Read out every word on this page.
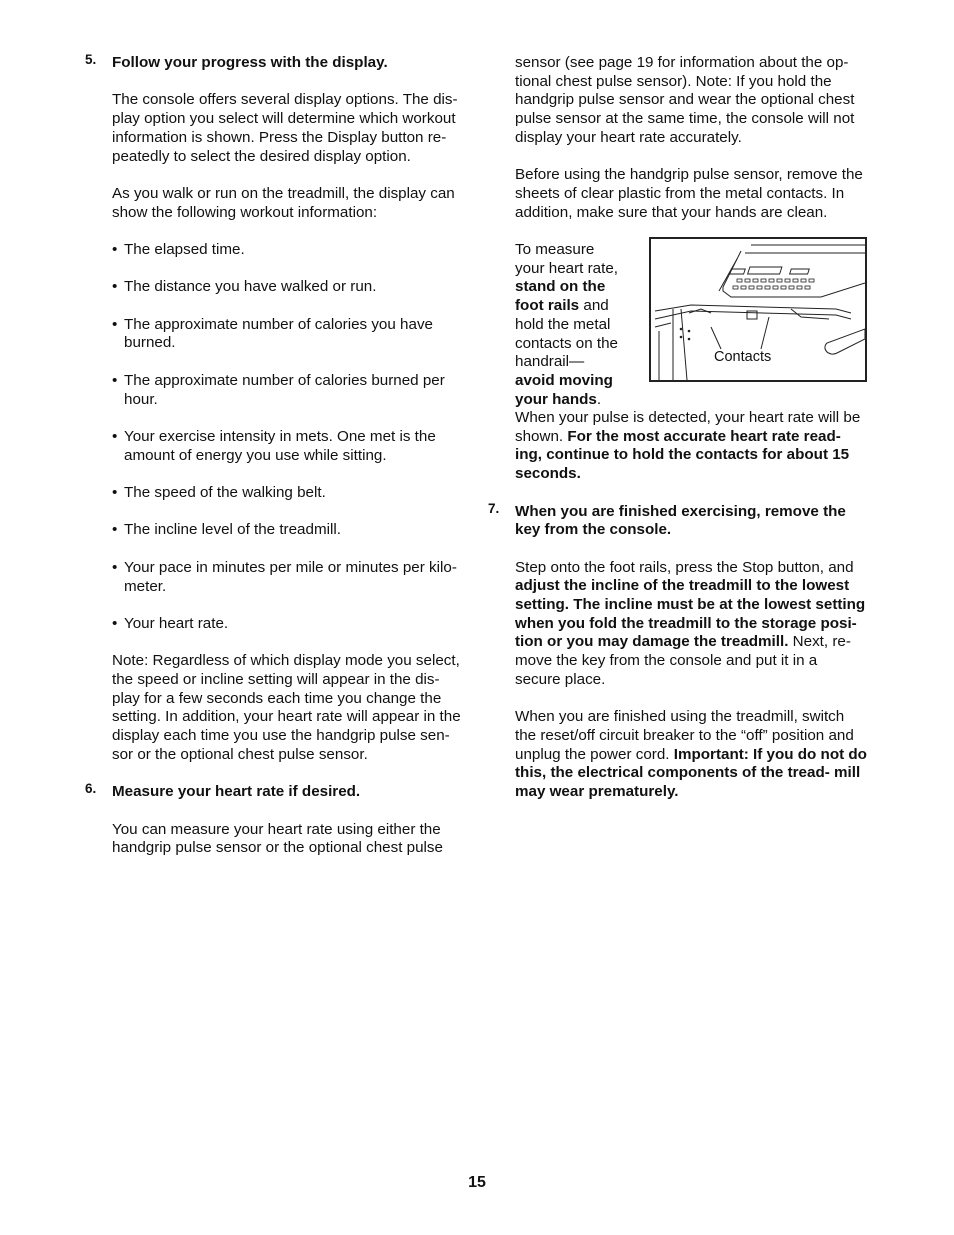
5. Follow your progress with the display.

The console offers several display options. The dis- play option you select will determine which workout information is shown. Press the Display button re- peatedly to select the desired display option.

As you walk or run on the treadmill, the display can show the following workout information:

• The elapsed time.
• The distance you have walked or run.
• The approximate number of calories you have burned.
• The approximate number of calories burned per hour.
• Your exercise intensity in mets. One met is the amount of energy you use while sitting.
• The speed of the walking belt.
• The incline level of the treadmill.
• Your pace in minutes per mile or minutes per kilo- meter.
• Your heart rate.

Note: Regardless of which display mode you select, the speed or incline setting will appear in the dis- play for a few seconds each time you change the setting. In addition, your heart rate will appear in the display each time you use the handgrip pulse sen- sor or the optional chest pulse sensor.

6. Measure your heart rate if desired.

You can measure your heart rate using either the handgrip pulse sensor or the optional chest pulse

sensor (see page 19 for information about the op- tional chest pulse sensor). Note: If you hold the handgrip pulse sensor and wear the optional chest pulse sensor at the same time, the console will not display your heart rate accurately.

Before using the handgrip pulse sensor, remove the sheets of clear plastic from the metal contacts. In addition, make sure that your hands are clean.

To measure your heart rate, stand on the foot rails and hold the metal contacts on the handrail— avoid moving your hands.
Contacts

When your pulse is detected, your heart rate will be shown. For the most accurate heart rate read- ing, continue to hold the contacts for about 15 seconds.

7. When you are finished exercising, remove the key from the console.

Step onto the foot rails, press the Stop button, and adjust the incline of the treadmill to the lowest setting. The incline must be at the lowest setting when you fold the treadmill to the storage posi- tion or you may damage the treadmill. Next, re- move the key from the console and put it in a secure place.

When you are finished using the treadmill, switch the reset/off circuit breaker to the “off” position and unplug the power cord. Important: If you do not do this, the electrical components of the tread- mill may wear prematurely.

15
